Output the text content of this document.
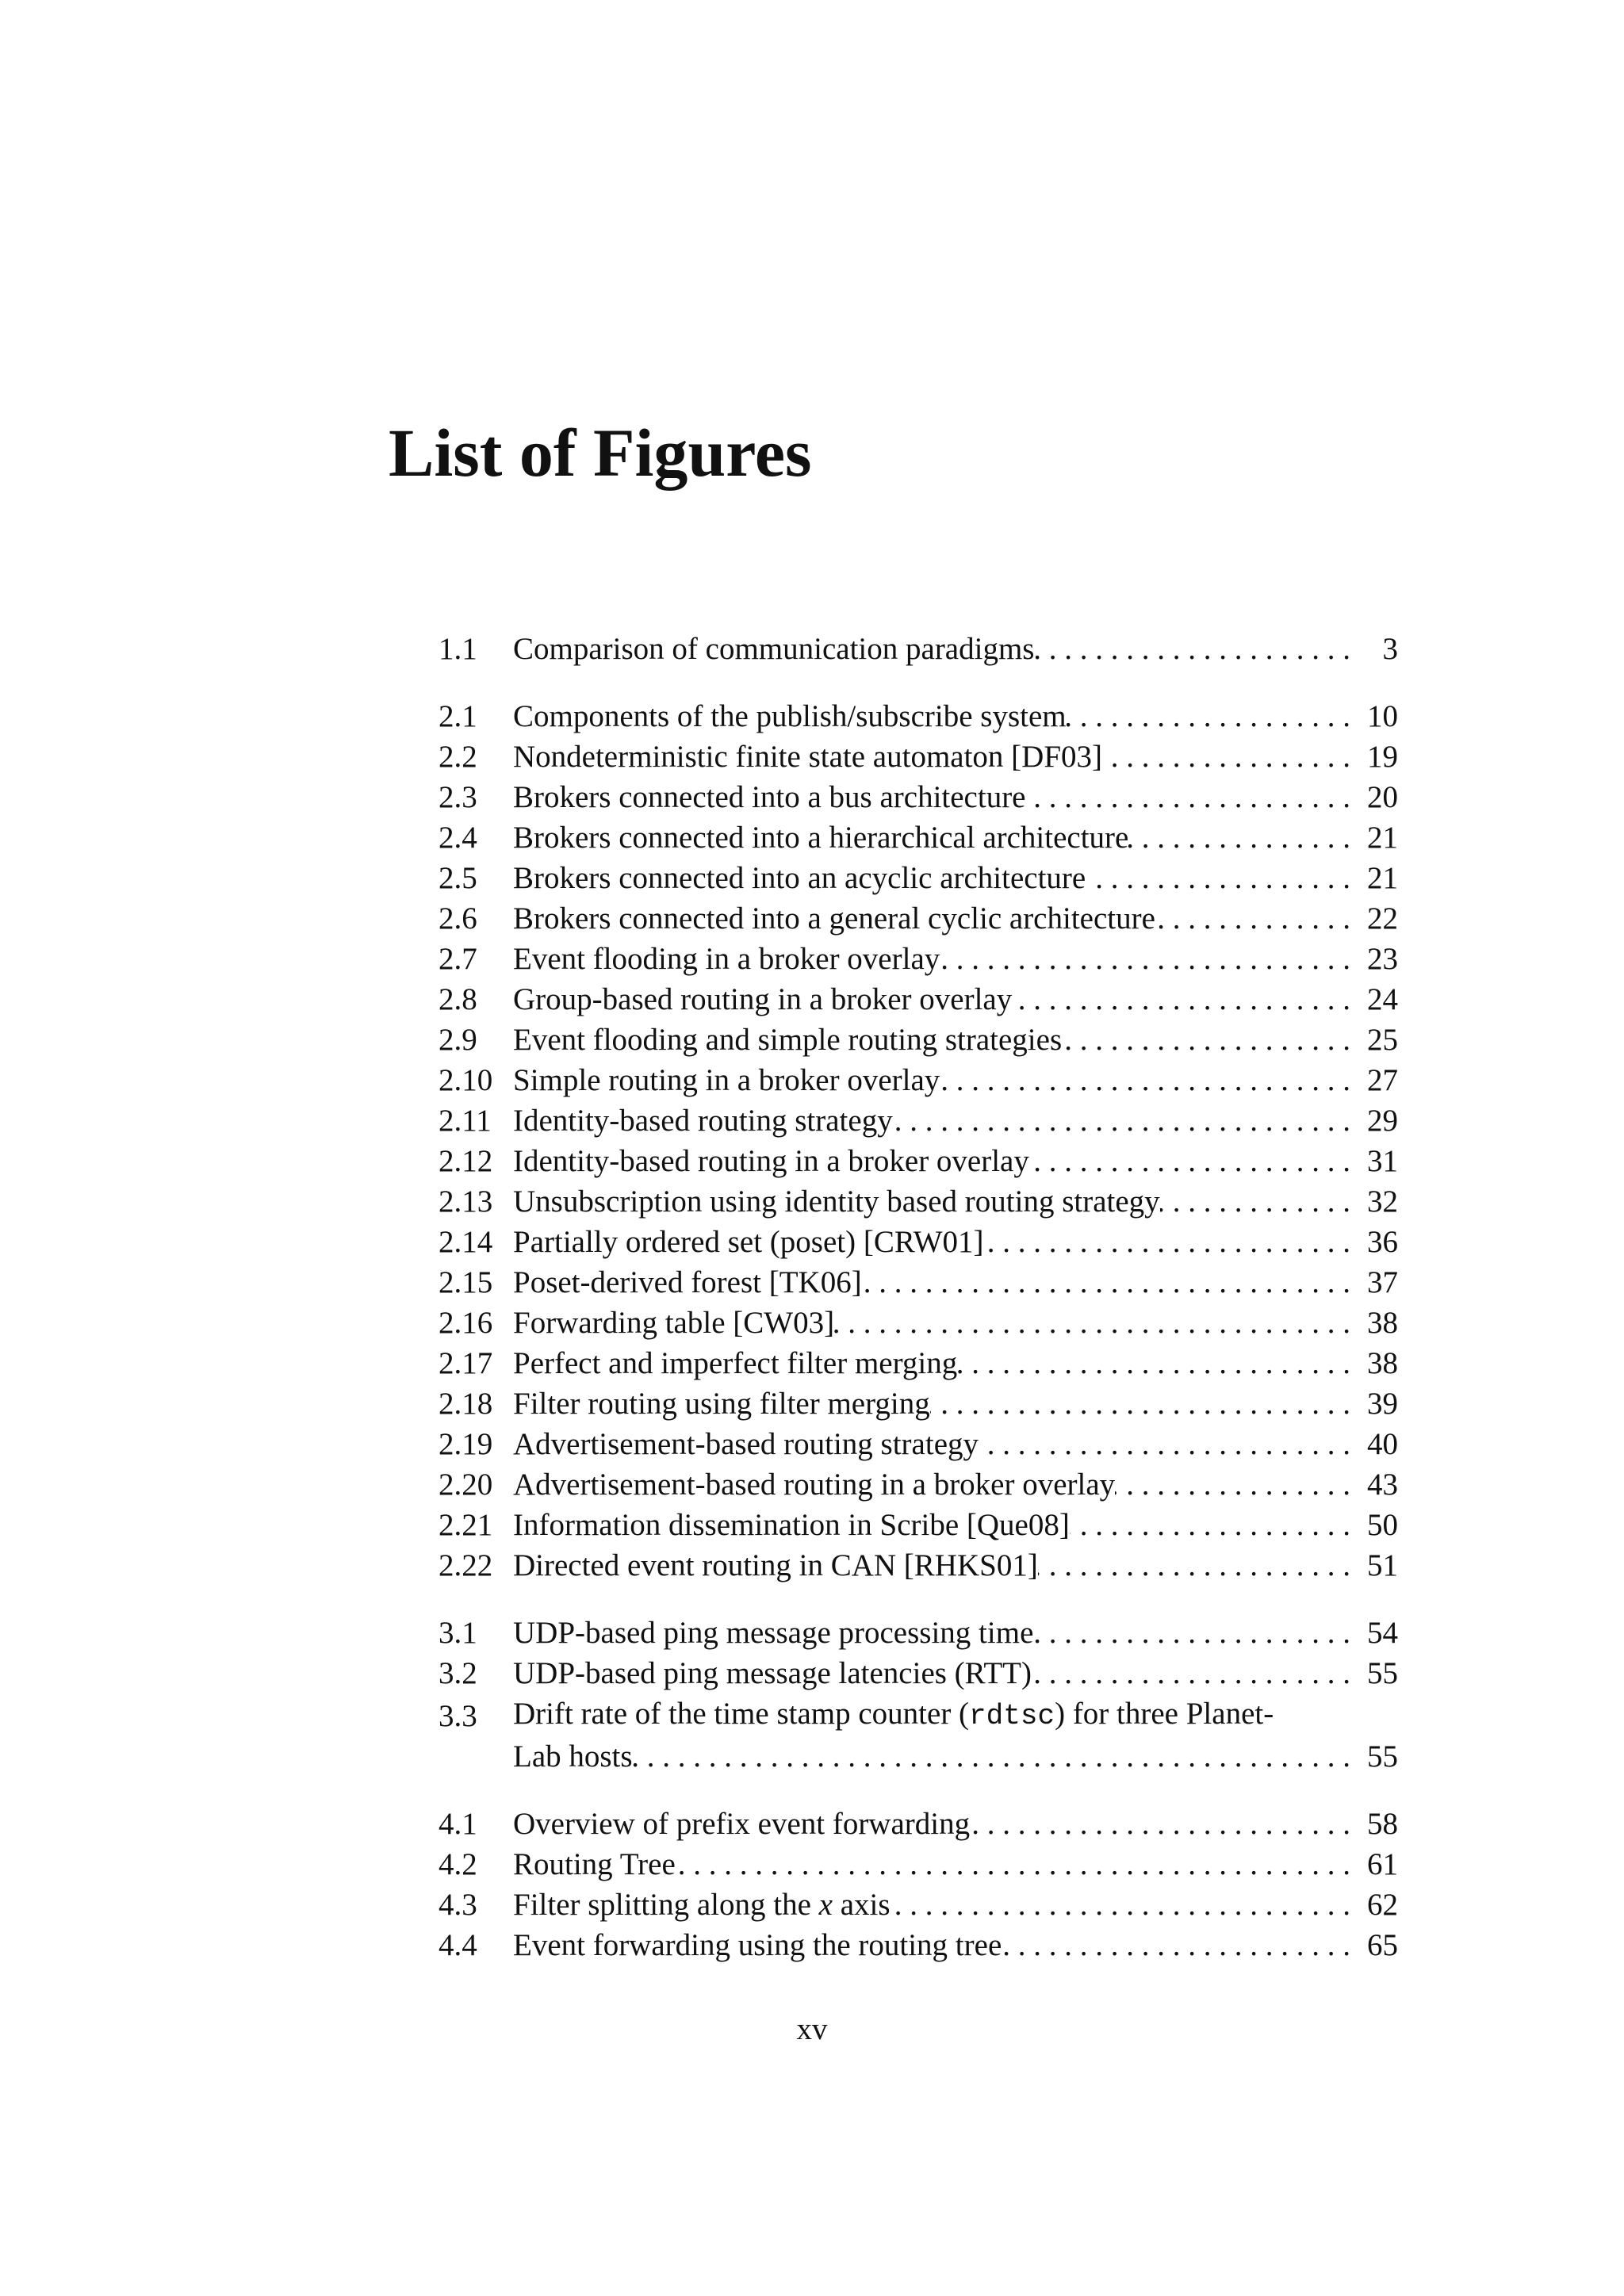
List of Figures
1.1	Comparison of communication paradigms . . .	3
2.1	Components of the publish/subscribe system . . .	10
2.2	Nondeterministic finite state automaton [DF03] . . .	19
2.3	Brokers connected into a bus architecture . . .	20
2.4	Brokers connected into a hierarchical architecture . . .	21
2.5	Brokers connected into an acyclic architecture . . .	21
2.6	Brokers connected into a general cyclic architecture . . .	22
2.7	Event flooding in a broker overlay . . .	23
2.8	Group-based routing in a broker overlay . . .	24
2.9	Event flooding and simple routing strategies . . .	25
2.10 Simple routing in a broker overlay . . .	27
2.11 Identity-based routing strategy . . .	29
2.12 Identity-based routing in a broker overlay . . .	31
2.13 Unsubscription using identity based routing strategy . . .	32
2.14 Partially ordered set (poset) [CRW01] . . .	36
2.15 Poset-derived forest [TK06] . . .	37
2.16 Forwarding table [CW03] . . .	38
2.17 Perfect and imperfect filter merging . . .	38
2.18 Filter routing using filter merging . . .	39
2.19 Advertisement-based routing strategy . . .	40
2.20 Advertisement-based routing in a broker overlay . . .	43
2.21 Information dissemination in Scribe [Que08] . . .	50
2.22 Directed event routing in CAN [RHKS01] . . .	51
3.1	UDP-based ping message processing time . . .	54
3.2	UDP-based ping message latencies (RTT) . . .	55
3.3	Drift rate of the time stamp counter (rdtsc) for three Planet-
Lab hosts . . .	55
4.1	Overview of prefix event forwarding . . .	58
4.2	Routing Tree . . .	61
4.3	Filter splitting along the x axis . . .	62
4.4	Event forwarding using the routing tree . . .	65
xv
